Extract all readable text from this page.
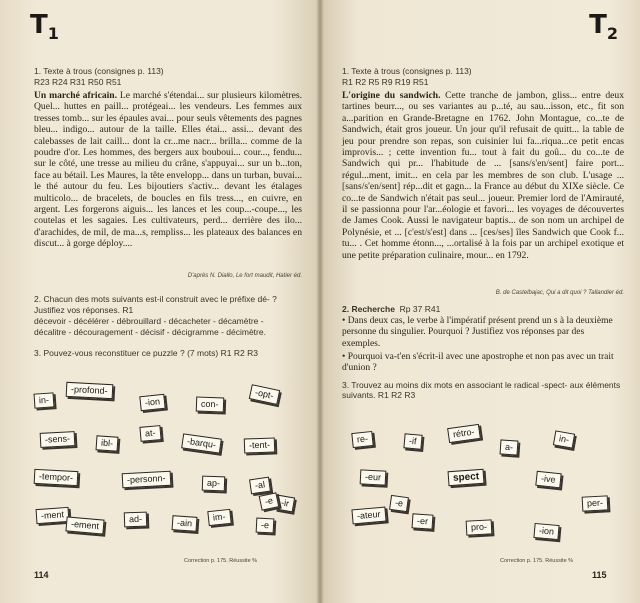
$T_1$
1. Texte à trous (consignes p. 113)
R23 R24 R31 R50 R51
Un marché africain. Le marché s'étendai... sur plusieurs kilomètres. Quel... huttes en paill... protégeai... les vendeurs. Les femmes aux tresses tomb... sur les épaules avai... pour seuls vêtements des pagnes bleu... indigo... autour de la taille. Elles étai... assi... devant des calebasses de lait caill... dont la cr...me nacr... brilla... comme de la poudre d'or. Les hommes, des bergers aux bouboui... cour..., fendu... sur le côté, une tresse au milieu du crâne, s'appuyai... sur un b...ton, face au bétail. Les Maures, la tête envelopp... dans un turban, buvai... le thé autour du feu. Les bijoutiers s'activ... devant les étalages multicolo... de bracelets, de boucles en fils tress..., en cuivre, en argent. Les forgerons aiguis... les lances et les coup...-coupe..., les coutelas et les sagaies. Les cultivateurs, perd... derrière des ilo... d'arachides, de mil, de ma...s, rempliss... les plateaux des balances en discut... à gorge déploy....
D'après N. Diallo, Le fort maudit, Hatier éd.
2. Chacun des mots suivants est-il construit avec le préfixe dé- ? Justifiez vos réponses. R1
décevoir - décélérer - débrouillard - décacheter - décamètre -
décalitre - découragement - décisif - décigramme - décimètre.
3. Pouvez-vous reconstituer ce puzzle ? (7 mots) R1 R2 R3
in-
-profond-
-ion	con-
-opt-
-sens-	ibl-
at-
-barqu-	-tent-
-tempor-	-personn-	ap-	-al
-ir
-ment
-ement	ad-	-ain
im-
-e
-e
Correction p. 175. Réussite %
114
$T_2$
1. Texte à trous (consignes p. 113)
R1 R2 R5 R9 R19 R51
L'origine du sandwich. Cette tranche de jambon, gliss... entre deux tartines beurr..., ou ses variantes au p...té, au sau...isson, etc., fit son a...parition en Grande-Bretagne en 1762. John Montague, co...te de Sandwich, était gros joueur. Un jour qu'il refusait de quitt... la table de jeu pour prendre son repas, son cuisinier lui fa...riqua...ce petit encas improvis... ; cette invention fu... tout à fait du goû... du co...te de Sandwich qui pr... l'habitude de ... [sans/s'en/sent] faire port... régul...ment, imit... en cela par les membres de son club. L'usage ... [sans/s'en/sent] rép...dit et gagn... la France au début du XIXe siècle. Ce co...te de Sandwich n'était pas seul... joueur. Premier lord de l'Amirauté, il se passionna pour l'ar...éologie et favori... les voyages de découvertes de James Cook. Aussi le navigateur baptis... de son nom un archipel de Polynésie, et ... [c'est/s'est] dans ... [ces/ses] îles Sandwich que Cook f... tu... . Cet homme étonn..., ...ortalisé à la fois par un archipel exotique et une petite préparation culinaire, mour... en 1792.
B. de Castelbajac, Qui a dit quoi ? Tallandier éd.
2. Recherche Rp 37 R41
• Dans deux cas, le verbe à l'impératif présent prend un s à la deuxième personne du singulier. Pourquoi ? Justifiez vos réponses par des exemples.
• Pourquoi va-t'en s'écrit-il avec une apostrophe et non pas avec un trait d'union ?
3. Trouvez au moins dix mots en associant le radical -spect- aux éléments suivants. R1 R2 R3
re-	-if
rétro-
a-
in-
-eur	spect	-ive
per-
-ateur	-er
pro-	-ion
-e
Correction p. 175. Réussite %
115
